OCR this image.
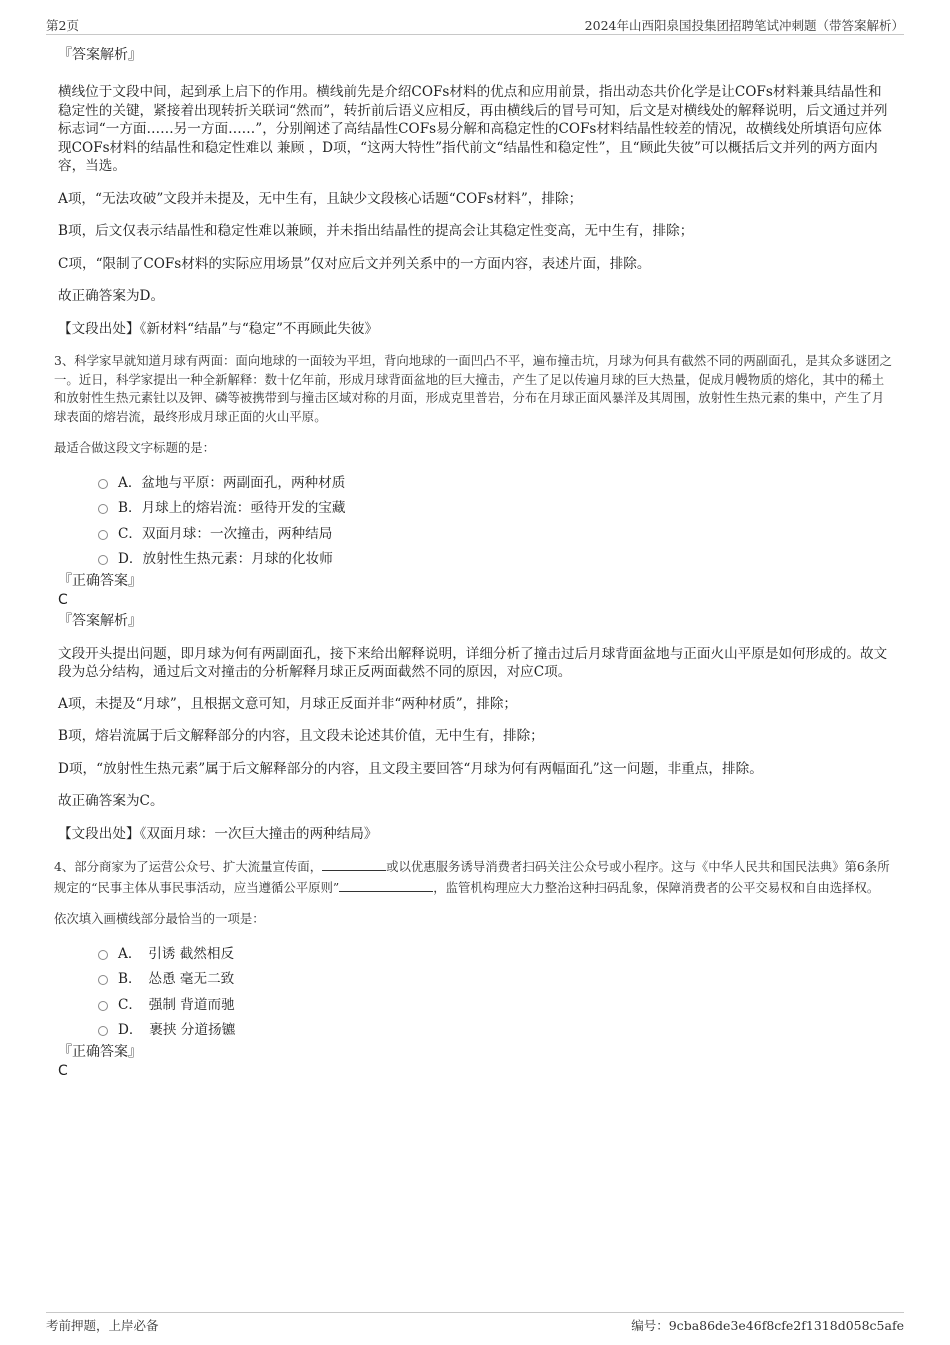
第2页	2024年山西阳泉国投集团招聘笔试冲刺题（带答案解析）

『答案解析』

横线位于文段中间，起到承上启下的作用。横线前先是介绍COFs材料的优点和应用前景，指出动态共价化学是让COFs材料兼具结晶性和稳定性的关键，紧接着出现转折关联词“然而”，转折前后语义应相反，再由横线后的冒号可知，后文是对横线处的解释说明，后文通过并列标志词“一方面……另一方面……”，分别阐述了高结晶性COFs易分解和高稳定性的COFs材料结晶性较差的情况，故横线处所填语句应体现COFs材料的结晶性和稳定性难以 兼顾 ，D项，“这两大特性”指代前文“结晶性和稳定性”，且“顾此失彼”可以概括后文并列的两方面内容，当选。

A项，“无法攻破”文段并未提及，无中生有，且缺少文段核心话题“COFs材料”，排除；

B项，后文仅表示结晶性和稳定性难以兼顾，并未指出结晶性的提高会让其稳定性变高，无中生有，排除；

C项，“限制了COFs材料的实际应用场景”仅对应后文并列关系中的一方面内容，表述片面，排除。

故正确答案为D。

【文段出处】《新材料“结晶”与“稳定”不再顾此失彼》

3、科学家早就知道月球有两面：面向地球的一面较为平坦，背向地球的一面凹凸不平，遍布撞击坑，月球为何具有截然不同的两副面孔，是其众多谜团之一。近日，科学家提出一种全新解释：数十亿年前，形成月球背面盆地的巨大撞击，产生了足以传遍月球的巨大热量，促成月幔物质的熔化，其中的稀土和放射性生热元素钍以及钾、磷等被携带到与撞击区域对称的月面，形成克里普岩，分布在月球正面风暴洋及其周围，放射性生热元素的集中，产生了月球表面的熔岩流，最终形成月球正面的火山平原。

最适合做这段文字标题的是：

A．盆地与平原：两副面孔，两种材质
B．月球上的熔岩流：亟待开发的宝藏
C．双面月球：一次撞击，两种结局
D．放射性生热元素：月球的化妆师

『正确答案』

C

『答案解析』

文段开头提出问题，即月球为何有两副面孔，接下来给出解释说明，详细分析了撞击过后月球背面盆地与正面火山平原是如何形成的。故文段为总分结构，通过后文对撞击的分析解释月球正反两面截然不同的原因，对应C项。

A项，未提及“月球”，且根据文意可知，月球正反面并非“两种材质”，排除；

B项，熔岩流属于后文解释部分的内容，且文段未论述其价值，无中生有，排除；

D项，“放射性生热元素”属于后文解释部分的内容，且文段主要回答“月球为何有两幅面孔”这一问题，非重点，排除。

故正确答案为C。

【文段出处】《双面月球：一次巨大撞击的两种结局》

4、部分商家为了运营公众号、扩大流量宣传面，	或以优惠服务诱导消费者扫码关注公众号或小程序。这与《中华人民共和国民法典》第6条所规定的“民事主体从事民事活动，应当遵循公平原则”	，监管机构理应大力整治这种扫码乱象，保障消费者的公平交易权和自由选择权。

依次填入画横线部分最恰当的一项是：

A．　引诱 截然相反
B．　怂恿 毫无二致
C．　强制 背道而驰
D．　裹挟 分道扬镳

『正确答案』

C

考前押题，上岸必备	编号：9cba86de3e46f8cfe2f1318d058c5afe
